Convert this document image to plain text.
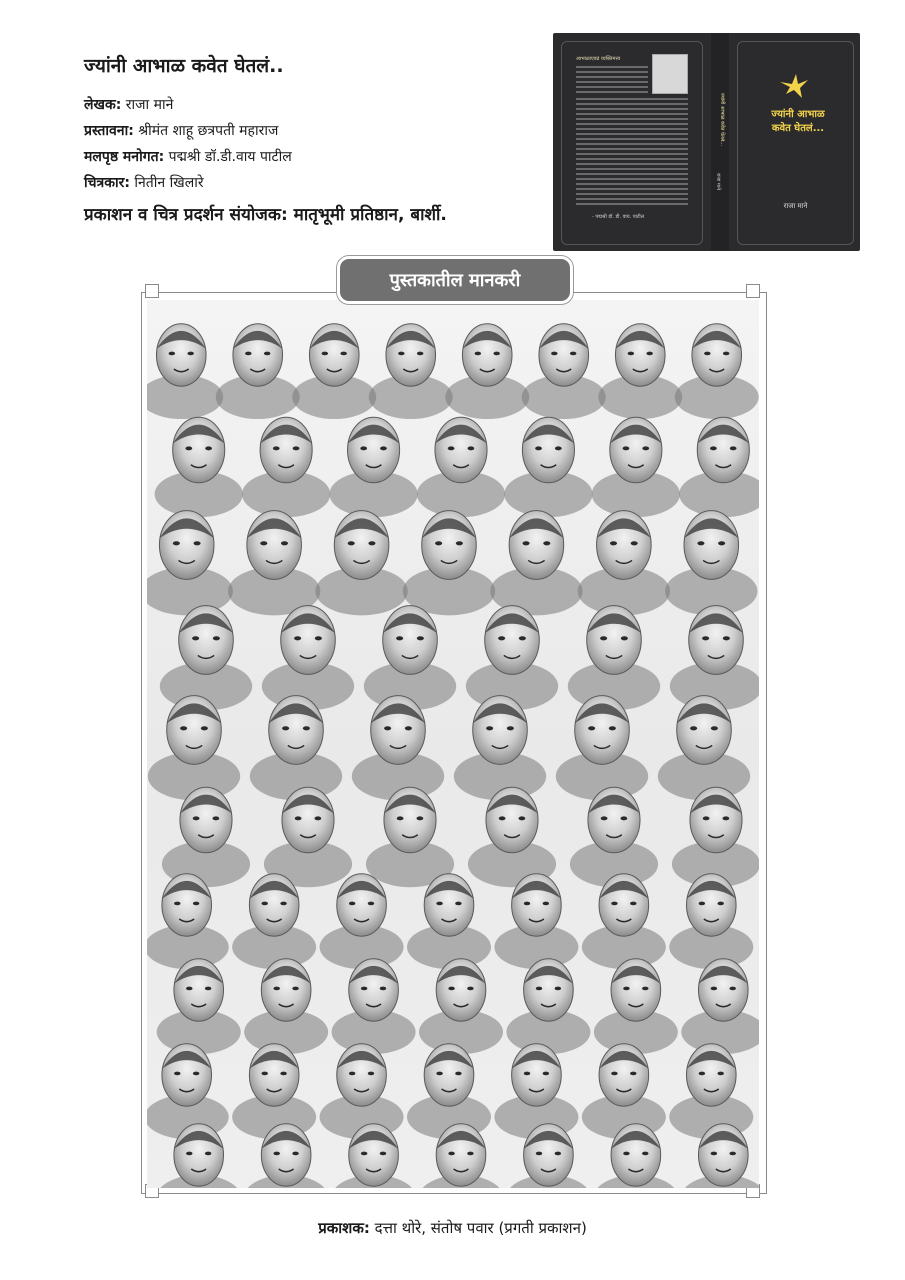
ज्यांनी आभाळ कवेत घेतलं..
लेखक: राजा माने
प्रस्तावना: श्रीमंत शाहू छत्रपती महाराज
मलपृष्ठ मनोगत: पद्मश्री डॉ.डी.वाय पाटील
चित्रकार: नितीन खिलारे
प्रकाशन व चित्र प्रदर्शन संयोजक: मातृभूमी प्रतिष्ठान, बार्शी.
आभाळाएवढं व्यक्तिमत्त्व
- पद्मश्री डॉ. डी. वाय. पाटील
ज्यांनी आभाळ कवेत घेतलं...
राजा माने
ज्यांनी आभाळ
कवेत घेतलं...
राजा माने
पुस्तकातील मानकरी
प्रकाशक: दत्ता थोरे, संतोष पवार (प्रगती प्रकाशन)
